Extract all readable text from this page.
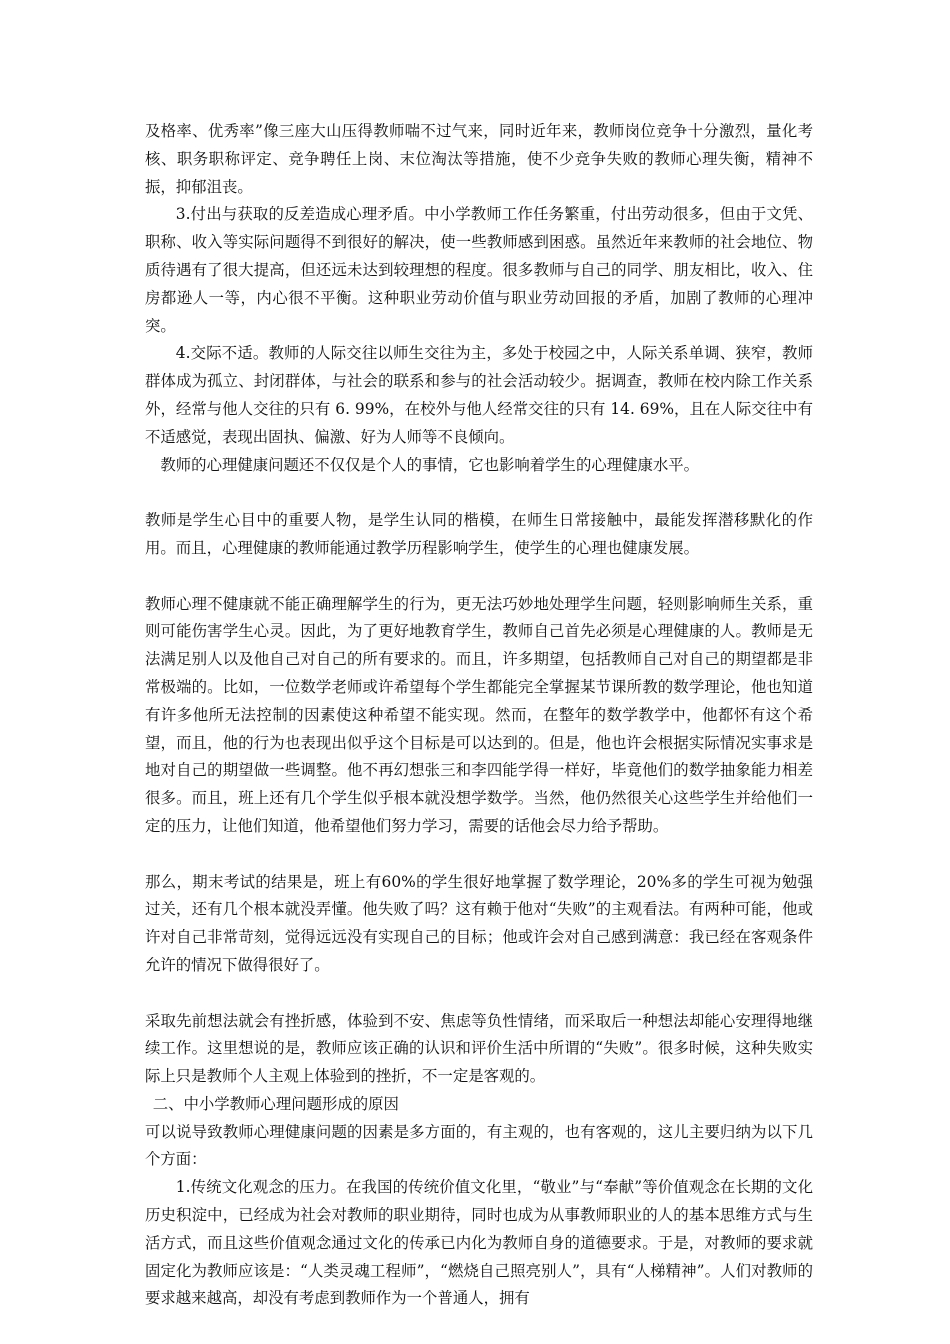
及格率、优秀率”像三座大山压得教师喘不过气来，同时近年来，教师岗位竞争十分激烈，量化考核、职务职称评定、竞争聘任上岗、末位淘汰等措施，使不少竞争失败的教师心理失衡，精神不振，抑郁沮丧。

3.付出与获取的反差造成心理矛盾。中小学教师工作任务繁重，付出劳动很多，但由于文凭、职称、收入等实际问题得不到很好的解决，使一些教师感到困惑。虽然近年来教师的社会地位、物质待遇有了很大提高，但还远未达到较理想的程度。很多教师与自己的同学、朋友相比，收入、住房都逊人一等，内心很不平衡。这种职业劳动价值与职业劳动回报的矛盾，加剧了教师的心理冲突。

4.交际不适。教师的人际交往以师生交往为主，多处于校园之中，人际关系单调、狭窄，教师群体成为孤立、封闭群体，与社会的联系和参与的社会活动较少。据调查，教师在校内除工作关系外，经常与他人交往的只有 6. 99%，在校外与他人经常交往的只有 14. 69%，且在人际交往中有不适感觉，表现出固执、偏激、好为人师等不良倾向。

教师的心理健康问题还不仅仅是个人的事情，它也影响着学生的心理健康水平。

教师是学生心目中的重要人物，是学生认同的楷模，在师生日常接触中，最能发挥潜移默化的作用。而且，心理健康的教师能通过教学历程影响学生，使学生的心理也健康发展。

教师心理不健康就不能正确理解学生的行为，更无法巧妙地处理学生问题，轻则影响师生关系，重则可能伤害学生心灵。因此，为了更好地教育学生，教师自己首先必须是心理健康的人。教师是无法满足别人以及他自己对自己的所有要求的。而且，许多期望，包括教师自己对自己的期望都是非常极端的。比如，一位数学老师或许希望每个学生都能完全掌握某节课所教的数学理论，他也知道有许多他所无法控制的因素使这种希望不能实现。然而，在整年的数学教学中，他都怀有这个希望，而且，他的行为也表现出似乎这个目标是可以达到的。但是，他也许会根据实际情况实事求是地对自己的期望做一些调整。他不再幻想张三和李四能学得一样好，毕竟他们的数学抽象能力相差很多。而且，班上还有几个学生似乎根本就没想学数学。当然，他仍然很关心这些学生并给他们一定的压力，让他们知道，他希望他们努力学习，需要的话他会尽力给予帮助。

那么，期末考试的结果是，班上有60%的学生很好地掌握了数学理论，20%多的学生可视为勉强过关，还有几个根本就没弄懂。他失败了吗？这有赖于他对“失败”的主观看法。有两种可能，他或许对自己非常苛刻，觉得远远没有实现自己的目标；他或许会对自己感到满意：我已经在客观条件允许的情况下做得很好了。

采取先前想法就会有挫折感，体验到不安、焦虑等负性情绪，而采取后一种想法却能心安理得地继续工作。这里想说的是，教师应该正确的认识和评价生活中所谓的“失败”。很多时候，这种失败实际上只是教师个人主观上体验到的挫折，不一定是客观的。

二、中小学教师心理问题形成的原因

可以说导致教师心理健康问题的因素是多方面的，有主观的，也有客观的，这儿主要归纳为以下几个方面：

1.传统文化观念的压力。在我国的传统价值文化里，“敬业”与“奉献”等价值观念在长期的文化历史积淀中，已经成为社会对教师的职业期待，同时也成为从事教师职业的人的基本思维方式与生活方式，而且这些价值观念通过文化的传承已内化为教师自身的道德要求。于是，对教师的要求就固定化为教师应该是：“人类灵魂工程师”，“燃烧自己照亮别人”，具有“人梯精神”。人们对教师的要求越来越高，却没有考虑到教师作为一个普通人，拥有
